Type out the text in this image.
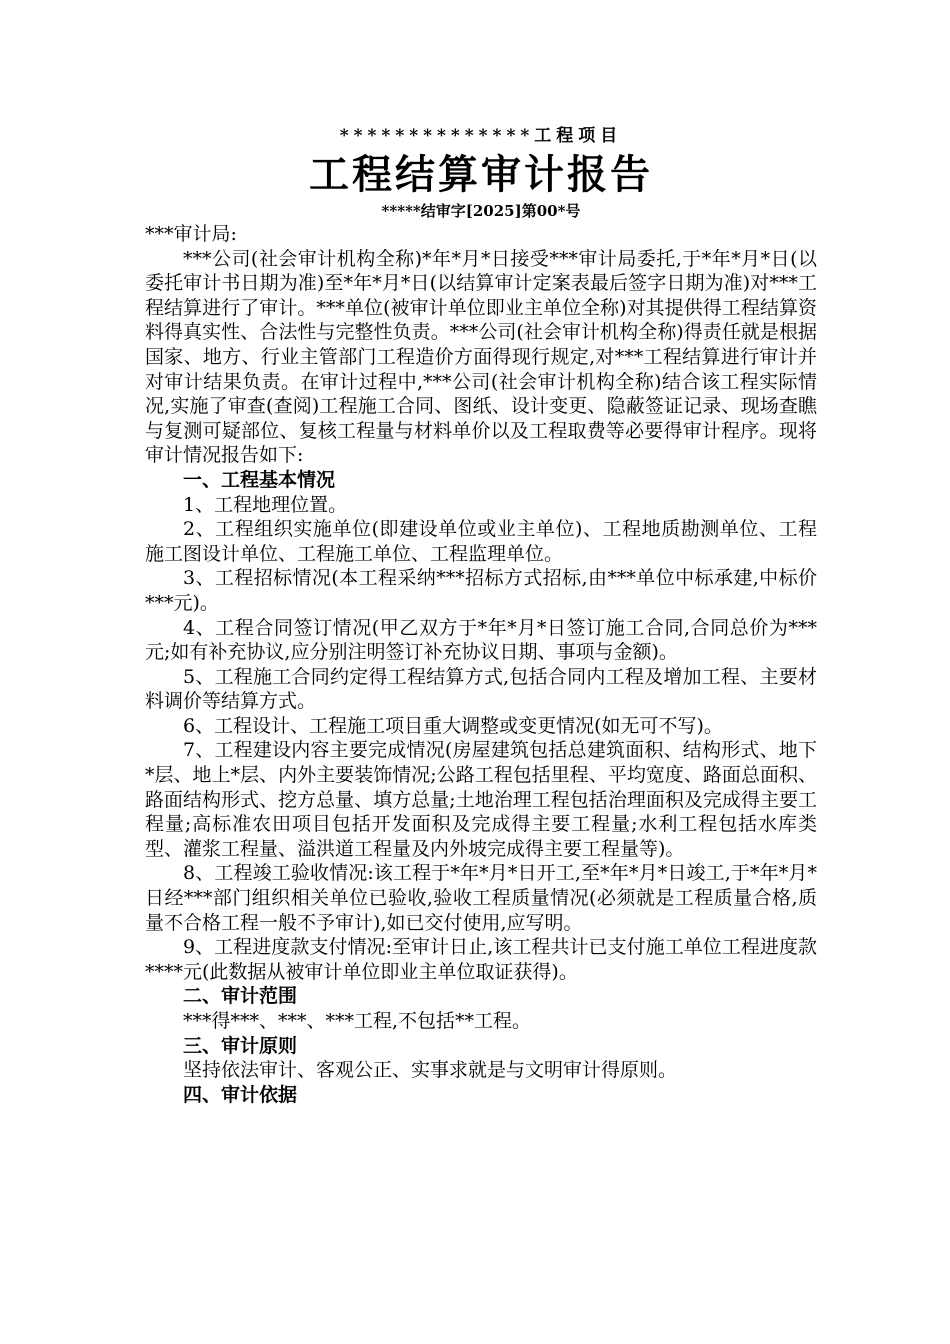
**************工程项目

工程结算审计报告

*****结审字[2025]第00*号

***审计局:

***公司(社会审计机构全称)*年*月*日接受***审计局委托,于*年*月*日(以委托审计书日期为准)至*年*月*日(以结算审计定案表最后签字日期为准)对***工程结算进行了审计。***单位(被审计单位即业主单位全称)对其提供得工程结算资料得真实性、合法性与完整性负责。***公司(社会审计机构全称)得责任就是根据国家、地方、行业主管部门工程造价方面得现行规定,对***工程结算进行审计并对审计结果负责。在审计过程中,***公司(社会审计机构全称)结合该工程实际情况,实施了审查(查阅)工程施工合同、图纸、设计变更、隐蔽签证记录、现场查瞧与复测可疑部位、复核工程量与材料单价以及工程取费等必要得审计程序。现将审计情况报告如下:

一、工程基本情况

1、工程地理位置。

2、工程组织实施单位(即建设单位或业主单位)、工程地质勘测单位、工程施工图设计单位、工程施工单位、工程监理单位。

3、工程招标情况(本工程采纳***招标方式招标,由***单位中标承建,中标价***元)。

4、工程合同签订情况(甲乙双方于*年*月*日签订施工合同,合同总价为***元;如有补充协议,应分别注明签订补充协议日期、事项与金额)。

5、工程施工合同约定得工程结算方式,包括合同内工程及增加工程、主要材料调价等结算方式。

6、工程设计、工程施工项目重大调整或变更情况(如无可不写)。

7、工程建设内容主要完成情况(房屋建筑包括总建筑面积、结构形式、地下*层、地上*层、内外主要装饰情况;公路工程包括里程、平均宽度、路面总面积、路面结构形式、挖方总量、填方总量;土地治理工程包括治理面积及完成得主要工程量;高标准农田项目包括开发面积及完成得主要工程量;水利工程包括水库类型、灌浆工程量、溢洪道工程量及内外坡完成得主要工程量等)。

8、工程竣工验收情况:该工程于*年*月*日开工,至*年*月*日竣工,于*年*月*日经***部门组织相关单位已验收,验收工程质量情况(必须就是工程质量合格,质量不合格工程一般不予审计),如已交付使用,应写明。

9、工程进度款支付情况:至审计日止,该工程共计已支付施工单位工程进度款****元(此数据从被审计单位即业主单位取证获得)。

二、审计范围

***得***、***、***工程,不包括**工程。

三、审计原则

坚持依法审计、客观公正、实事求就是与文明审计得原则。

四、审计依据
